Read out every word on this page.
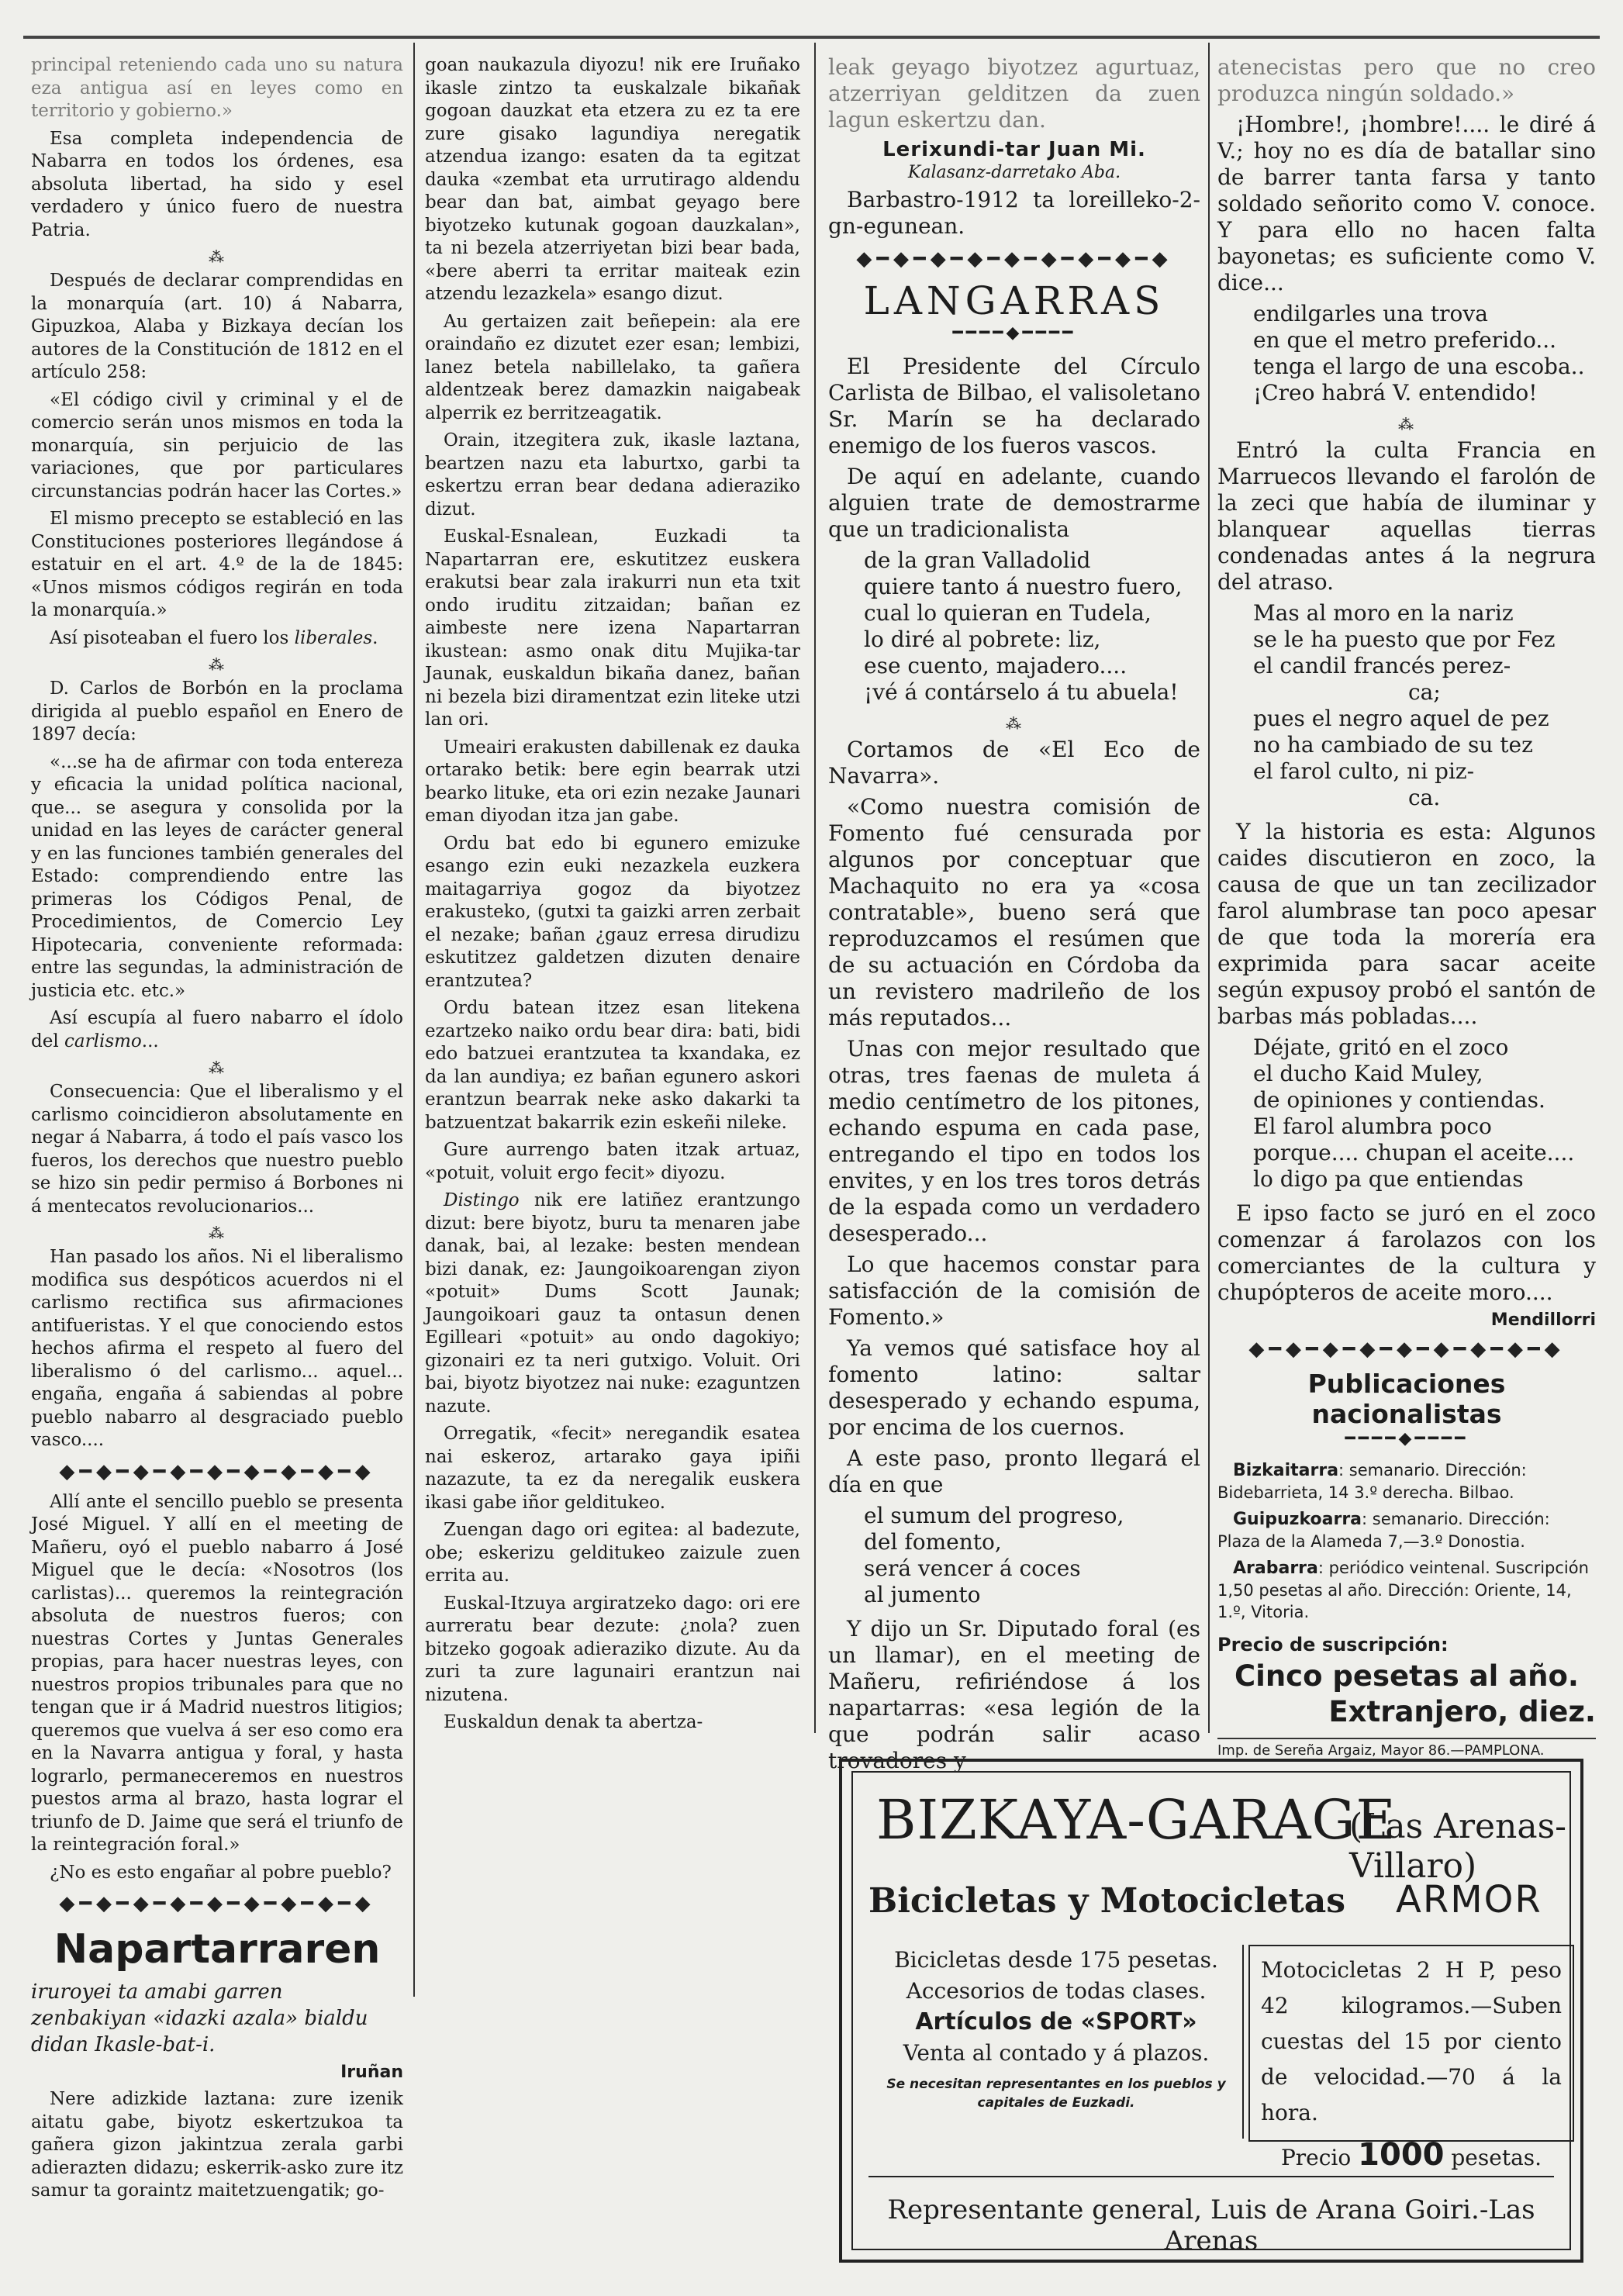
principal reteniendo cada uno su natura eza antigua así en leyes como en territorio y gobierno.»

Esa completa independencia de Nabarra en todos los órdenes, esa absoluta libertad, ha sido y esel verdadero y único fuero de nuestra Patria.

⁂

Después de declarar comprendidas en la monarquía (art. 10) á Nabarra, Gipuzkoa, Alaba y Bizkaya decían los autores de la Constitución de 1812 en el artículo 258:

«El código civil y criminal y el de comercio serán unos mismos en toda la monarquía, sin perjuicio de las variaciones, que por particulares circunstancias podrán hacer las Cortes.»

El mismo precepto se estableció en las Constituciones posteriores llegándose á estatuir en el art. 4.º de la de 1845: «Unos mismos códigos regirán en toda la monarquía.»

Así pisoteaban el fuero los liberales.

⁂

D. Carlos de Borbón en la proclama dirigida al pueblo español en Enero de 1897 decía:

«...se ha de afirmar con toda entereza y eficacia la unidad política nacional, que... se asegura y consolida por la unidad en las leyes de carácter general y en las funciones también generales del Estado: comprendiendo entre las primeras los Códigos Penal, de Procedimientos, de Comercio Ley Hipotecaria, conveniente reformada: entre las segundas, la administración de justicia etc. etc.»

Así escupía al fuero nabarro el ídolo del carlismo...

⁂

Consecuencia: Que el liberalismo y el carlismo coincidieron absolutamente en negar á Nabarra, á todo el país vasco los fueros, los derechos que nuestro pueblo se hizo sin pedir permiso á Borbones ni á mentecatos revolucionarios...

⁂

Han pasado los años. Ni el liberalismo modifica sus despóticos acuerdos ni el carlismo rectifica sus afirmaciones antifueristas. Y el que conociendo estos hechos afirma el respeto al fuero del liberalismo ó del carlismo... aquel... engaña, engaña á sabiendas al pobre pueblo nabarro al desgraciado pueblo vasco....

◆━◆━◆━◆━◆━◆━◆━◆━◆

Allí ante el sencillo pueblo se presenta José Miguel. Y allí en el meeting de Mañeru, oyó el pueblo nabarro á José Miguel que le decía: «Nosotros (los carlistas)... queremos la reintegración absoluta de nuestros fueros; con nuestras Cortes y Juntas Generales propias, para hacer nuestras leyes, con nuestros propios tribunales para que no tengan que ir á Madrid nuestros litigios; queremos que vuelva á ser eso como era en la Navarra antigua y foral, y hasta lograrlo, permaneceremos en nuestros puestos arma al brazo, hasta lograr el triunfo de D. Jaime que será el triunfo de la reintegración foral.»

¿No es esto engañar al pobre pueblo?

◆━◆━◆━◆━◆━◆━◆━◆━◆
Napartarraren

iruroyei ta amabi garren zenbakiyan «idazki azala» bialdu didan Ikasle-bat-i.

Iruñan

Nere adizkide laztana: zure izenik aitatu gabe, biyotz eskertzukoa ta gañera gizon jakintzua zerala garbi adierazten didazu; eskerrik-asko zure itz samur ta goraintz maitetzuengatik; go-

goan naukazula diyozu! nik ere Iruñako ikasle zintzo ta euskalzale bikañak gogoan dauzkat eta etzera zu ez ta ere zure gisako lagundiya neregatik atzendua izango: esaten da ta egitzat dauka «zembat eta urrutirago aldendu bear dan bat, aimbat geyago bere biyotzeko kutunak gogoan dauzkalan», ta ni bezela atzerriyetan bizi bear bada, «bere aberri ta erritar maiteak ezin atzendu lezazkela» esango dizut.

Au gertaizen zait beñepein: ala ere oraindaño ez dizutet ezer esan; lembizi, lanez betela nabillelako, ta gañera aldentzeak berez damazkin naigabeak alperrik ez berritzeagatik.

Orain, itzegitera zuk, ikasle laztana, beartzen nazu eta laburtxo, garbi ta eskertzu erran bear dedana adieraziko dizut.

Euskal-Esnalean, Euzkadi ta Napartarran ere, eskutitzez euskera erakutsi bear zala irakurri nun eta txit ondo iruditu zitzaidan; bañan ez aimbeste nere izena Napartarran ikustean: asmo onak ditu Mujika-tar Jaunak, euskaldun bikaña danez, bañan ni bezela bizi diramentzat ezin liteke utzi lan ori.

Umeairi erakusten dabillenak ez dauka ortarako betik: bere egin bearrak utzi bearko lituke, eta ori ezin nezake Jaunari eman diyodan itza jan gabe.

Ordu bat edo bi egunero emizuke esango ezin euki nezazkela euzkera maitagarriya gogoz da biyotzez erakusteko, (gutxi ta gaizki arren zerbait el nezake; bañan ¿gauz erresa dirudizu eskutitzez galdetzen dizuten denaire erantzutea?

Ordu batean itzez esan litekena ezartzeko naiko ordu bear dira: bati, bidi edo batzuei erantzutea ta kxandaka, ez da lan aundiya; ez bañan egunero askori erantzun bearrak neke asko dakarki ta batzuentzat bakarrik ezin eskeñi nileke.

Gure aurrengo baten itzak artuaz, «potuit, voluit ergo fecit» diyozu.

Distingo nik ere latiñez erantzungo dizut: bere biyotz, buru ta menaren jabe danak, bai, al lezake: besten mendean bizi danak, ez: Jaungoikoarengan ziyon «potuit» Dums Scott Jaunak; Jaungoikoari gauz ta ontasun denen Egilleari «potuit» au ondo dagokiyo; gizonairi ez ta neri gutxigo. Voluit. Ori bai, biyotz biyotzez nai nuke: ezaguntzen nazute.

Orregatik, «fecit» neregandik esatea nai eskeroz, artarako gaya ipiñi nazazute, ta ez da neregalik euskera ikasi gabe iñor gelditukeo.

Zuengan dago ori egitea: al badezute, obe; eskerizu gelditukeo zaizule zuen errita au.

Euskal-Itzuya argiratzeko dago: ori ere aurreratu bear dezute: ¿nola? zuen bitzeko gogoak adieraziko dizute. Au da zuri ta zure lagunairi erantzun nai nizutena.

Euskaldun denak ta abertza-

leak geyago biyotzez agurtuaz, atzerriyan gelditzen da zuen lagun eskertzu dan.

Lerixundi-tar Juan Mi.
Kalasanz-darretako Aba.

Barbastro-1912 ta loreilleko-2-gn-egunean.

◆━◆━◆━◆━◆━◆━◆━◆━◆
LANGARRAS
━━━━◆━━━━

El Presidente del Círculo Carlista de Bilbao, el valisoletano Sr. Marín se ha declarado enemigo de los fueros vascos.

De aquí en adelante, cuando alguien trate de demostrarme que un tradicionalista

de la gran Valladolid
quiere tanto á nuestro fuero,
cual lo quieran en Tudela,
lo diré al pobrete: liz,
ese cuento, majadero....
¡vé á contárselo á tu abuela!
⁂

Cortamos de «El Eco de Navarra».

«Como nuestra comisión de Fomento fué censurada por algunos por conceptuar que Machaquito no era ya «cosa contratable», bueno será que reproduzcamos el resúmen que de su actuación en Córdoba da un revistero madrileño de los más reputados...

Unas con mejor resultado que otras, tres faenas de muleta á medio centímetro de los pitones, echando espuma en cada pase, entregando el tipo en todos los envites, y en los tres toros detrás de la espada como un verdadero desesperado...

Lo que hacemos constar para satisfacción de la comisión de Fomento.»

Ya vemos qué satisface hoy al fomento latino: saltar desesperado y echando espuma, por encima de los cuernos.

A este paso, pronto llegará el día en que

el sumum del progreso,
del fomento,
será vencer á coces
al jumento

Y dijo un Sr. Diputado foral (es un llamar), en el meeting de Mañeru, refiriéndose á los napartarras: «esa legión de la que podrán salir acaso trovadores y

atenecistas pero que no creo produzca ningún soldado.»

¡Hombre!, ¡hombre!.... le diré á V.; hoy no es día de batallar sino de barrer tanta farsa y tanto soldado señorito como V. conoce. Y para ello no hacen falta bayonetas; es suficiente como V. dice...

endilgarles una trova
en que el metro preferido...
tenga el largo de una escoba..
¡Creo habrá V. entendido!
⁂

Entró la culta Francia en Marruecos llevando el farolón de la zeci que había de iluminar y blanquear aquellas tierras condenadas antes á la negrura del atraso.

Mas al moro en la nariz
se le ha puesto que por Fez
el candil francés perez-
ca;
pues el negro aquel de pez
no ha cambiado de su tez
el farol culto, ni piz-
ca.

Y la historia es esta: Algunos caides discutieron en zoco, la causa de que un tan zecilizador farol alumbrase tan poco apesar de que toda la morería era exprimida para sacar aceite según expusoy probó el santón de barbas más pobladas....

Déjate, gritó en el zoco
el ducho Kaid Muley,
de opiniones y contiendas.
El farol alumbra poco
porque.... chupan el aceite.... lo digo pa que entiendas

E ipso facto se juró en el zoco comenzar á farolazos con los comerciantes de la cultura y chupópteros de aceite moro....

Mendillorri
◆━◆━◆━◆━◆━◆━◆━◆━◆
Publicaciones nacionalistas
━━━━◆━━━━

Bizkaitarra: semanario. Dirección: Bidebarrieta, 14 3.º derecha. Bilbao.

Guipuzkoarra: semanario. Dirección: Plaza de la Alameda 7,—3.º Donostia.

Arabarra: periódico veintenal. Suscripción 1,50 pesetas al año. Dirección: Oriente, 14, 1.º, Vitoria.

Precio de suscripción:
Cinco pesetas al año.
Extranjero, diez.
Imp. de Sereña Argaiz, Mayor 86.—PAMPLONA.
BIZKAYA-GARAGE
(Las Arenas-Villaro)
Bicicletas y Motocicletas ARMOR
Bicicletas desde 175 pesetas.
Accesorios de todas clases.
Artículos de «SPORT»
Venta al contado y á plazos.
Se necesitan representantes en los pueblos y capitales de Euzkadi.
Motocicletas 2 H P, peso 42 kilogramos.—Suben cuestas del 15 por ciento de velocidad.—70 á la hora.
Precio 1000 pesetas.
Representante general, Luis de Arana Goiri.-Las Arenas
